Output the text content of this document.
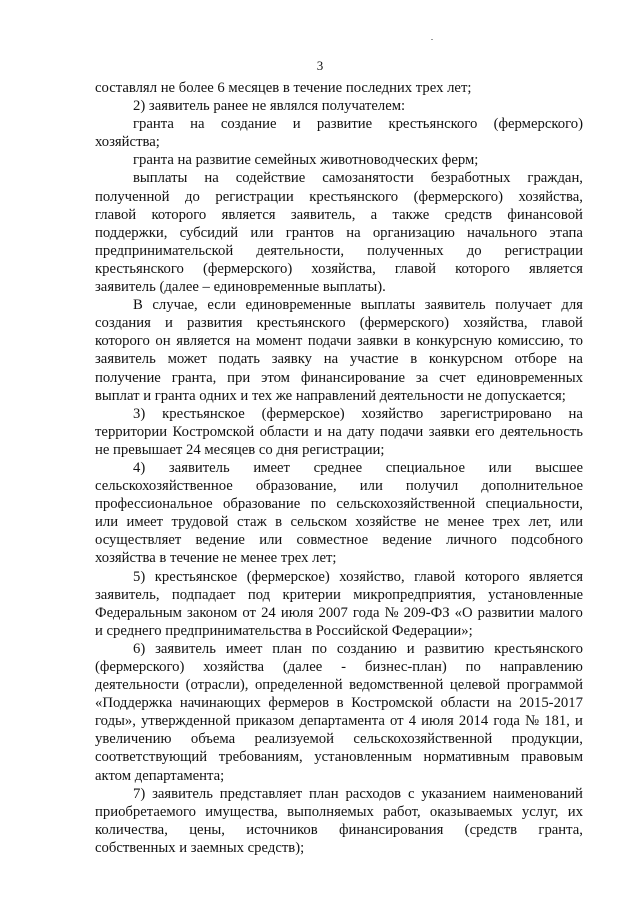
3
составлял не более 6 месяцев в течение последних трех лет;
2) заявитель ранее не являлся получателем:
гранта на создание и развитие крестьянского (фермерского)
хозяйства;
гранта на развитие семейных животноводческих ферм;
выплаты на содействие самозанятости безработных граждан,
полученной до регистрации крестьянского (фермерского) хозяйства,
главой которого является заявитель, а также средств финансовой
поддержки, субсидий или грантов на организацию начального этапа
предпринимательской деятельности, полученных до регистрации
крестьянского (фермерского) хозяйства, главой которого является
заявитель (далее – единовременные выплаты).
В случае, если единовременные выплаты заявитель получает для
создания и развития крестьянского (фермерского) хозяйства, главой
которого он является на момент подачи заявки в конкурсную комиссию, то
заявитель может подать заявку на участие в конкурсном отборе на
получение гранта, при этом финансирование за счет единовременных
выплат и гранта одних и тех же направлений деятельности не допускается;
3) крестьянское (фермерское) хозяйство зарегистрировано на
территории Костромской области и на дату подачи заявки его деятельность
не превышает 24 месяцев со дня регистрации;
4) заявитель имеет среднее специальное или высшее
сельскохозяйственное образование, или получил дополнительное
профессиональное образование по сельскохозяйственной специальности,
или имеет трудовой стаж в сельском хозяйстве не менее трех лет, или
осуществляет ведение или совместное ведение личного подсобного
хозяйства в течение не менее трех лет;
5) крестьянское (фермерское) хозяйство, главой которого является
заявитель, подпадает под критерии микропредприятия, установленные
Федеральным законом от 24 июля 2007 года № 209-ФЗ «О развитии малого
и среднего предпринимательства в Российской Федерации»;
6) заявитель имеет план по созданию и развитию крестьянского
(фермерского) хозяйства (далее - бизнес-план) по направлению
деятельности (отрасли), определенной ведомственной целевой программой
«Поддержка начинающих фермеров в Костромской области на 2015-2017
годы», утвержденной приказом департамента от 4 июля 2014 года № 181, и
увеличению объема реализуемой сельскохозяйственной продукции,
соответствующий требованиям, установленным нормативным правовым
актом департамента;
7) заявитель представляет план расходов с указанием наименований
приобретаемого имущества, выполняемых работ, оказываемых услуг, их
количества, цены, источников финансирования (средств гранта,
собственных и заемных средств);
